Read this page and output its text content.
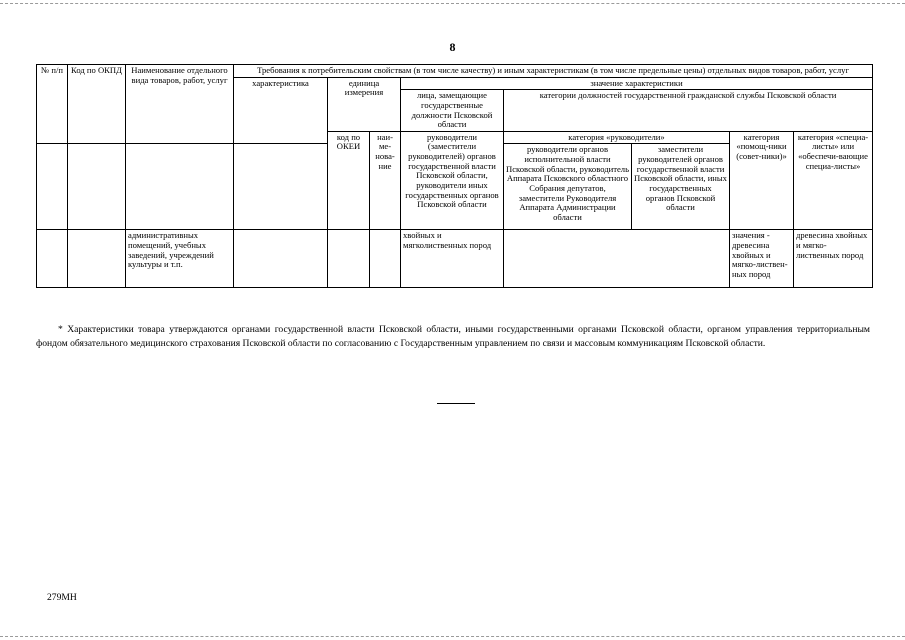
8
№ п/п	Код по ОКПД	Наименование отдельного вида товаров, работ, услуг	Требования к потребительским свойствам (в том числе качеству) и иным характеристикам (в том числе предельные цены) отдельных видов товаров, работ, услуг							
			характеристика	единица измерения		значение характеристики				
						лица, замещающие государственные должности Псковской области	категории должностей государственной гражданской службы Псковской области			
				код по ОКЕИ	наи-ме-нова-ние	руководители (заместители руководителей) органов государственной власти Псковской области, руководители иных государственных органов Псковской области	категория «руководители»		категория «помощ-ники (совет-ники)»	категория «специа-листы» или «обеспечи-вающие специа-листы»
							руководители органов исполнительной власти Псковской области, руководитель Аппарата Псковского областного Собрания депутатов, заместители Руководителя Аппарата Администрации области	заместители руководителей органов государственной власти Псковской области, иных государственных органов Псковской области		
		административных помещений, учебных заведений, учреждений культуры и т.п.				хвойных и мягколиственных пород			значения - древесина хвойных и мягко-листвен-ных пород	древесина хвойных и мягко-лиственных пород
* Характеристики товара утверждаются органами государственной власти Псковской области, иными государственными органами Псковской области, органом управления территориальным фондом обязательного медицинского страхования Псковской области по согласованию с Государственным управлением по связи и массовым коммуникациям Псковской области.
279МН
